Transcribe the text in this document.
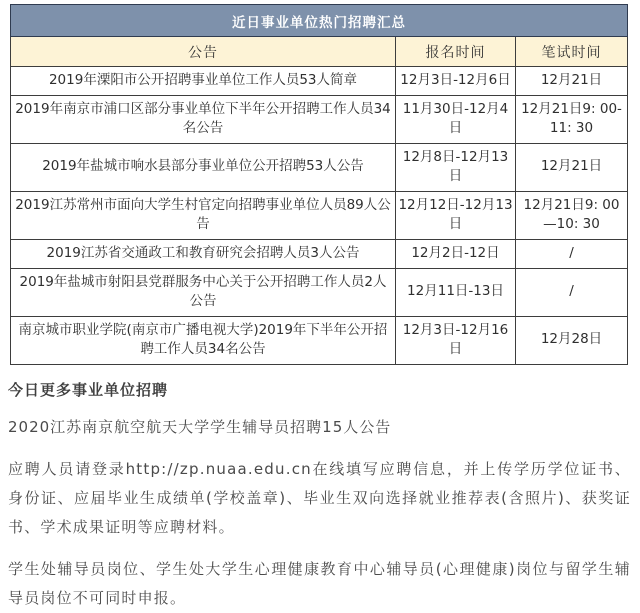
近日事业单位热门招聘汇总		
公告	报名时间	笔试时间
2019年溧阳市公开招聘事业单位工作人员53人简章	12月3日-12月6日	12月21日
2019年南京市浦口区部分事业单位下半年公开招聘工作人员34名公告	11月30日-12月4日	12月21日9: 00-11: 30
2019年盐城市响水县部分事业单位公开招聘53人公告	12月8日-12月13日	12月21日
2019江苏常州市面向大学生村官定向招聘事业单位人员89人公告	12月12日-12月13日	12月21日9: 00—10: 30
2019江苏省交通政工和教育研究会招聘人员3人公告	12月2日-12日	/
2019年盐城市射阳县党群服务中心关于公开招聘工作人员2人公告	12月11日-13日	/
南京城市职业学院(南京市广播电视大学)2019年下半年公开招聘工作人员34名公告	12月3日-12月16日	12月28日
今日更多事业单位招聘

2020江苏南京航空航天大学学生辅导员招聘15人公告

应聘人员请登录http://zp.nuaa.edu.cn在线填写应聘信息，并上传学历学位证书、身份证、应届毕业生成绩单(学校盖章)、毕业生双向选择就业推荐表(含照片)、获奖证书、学术成果证明等应聘材料。

学生处辅导员岗位、学生处大学生心理健康教育中心辅导员(心理健康)岗位与留学生辅导员岗位不可同时申报。
